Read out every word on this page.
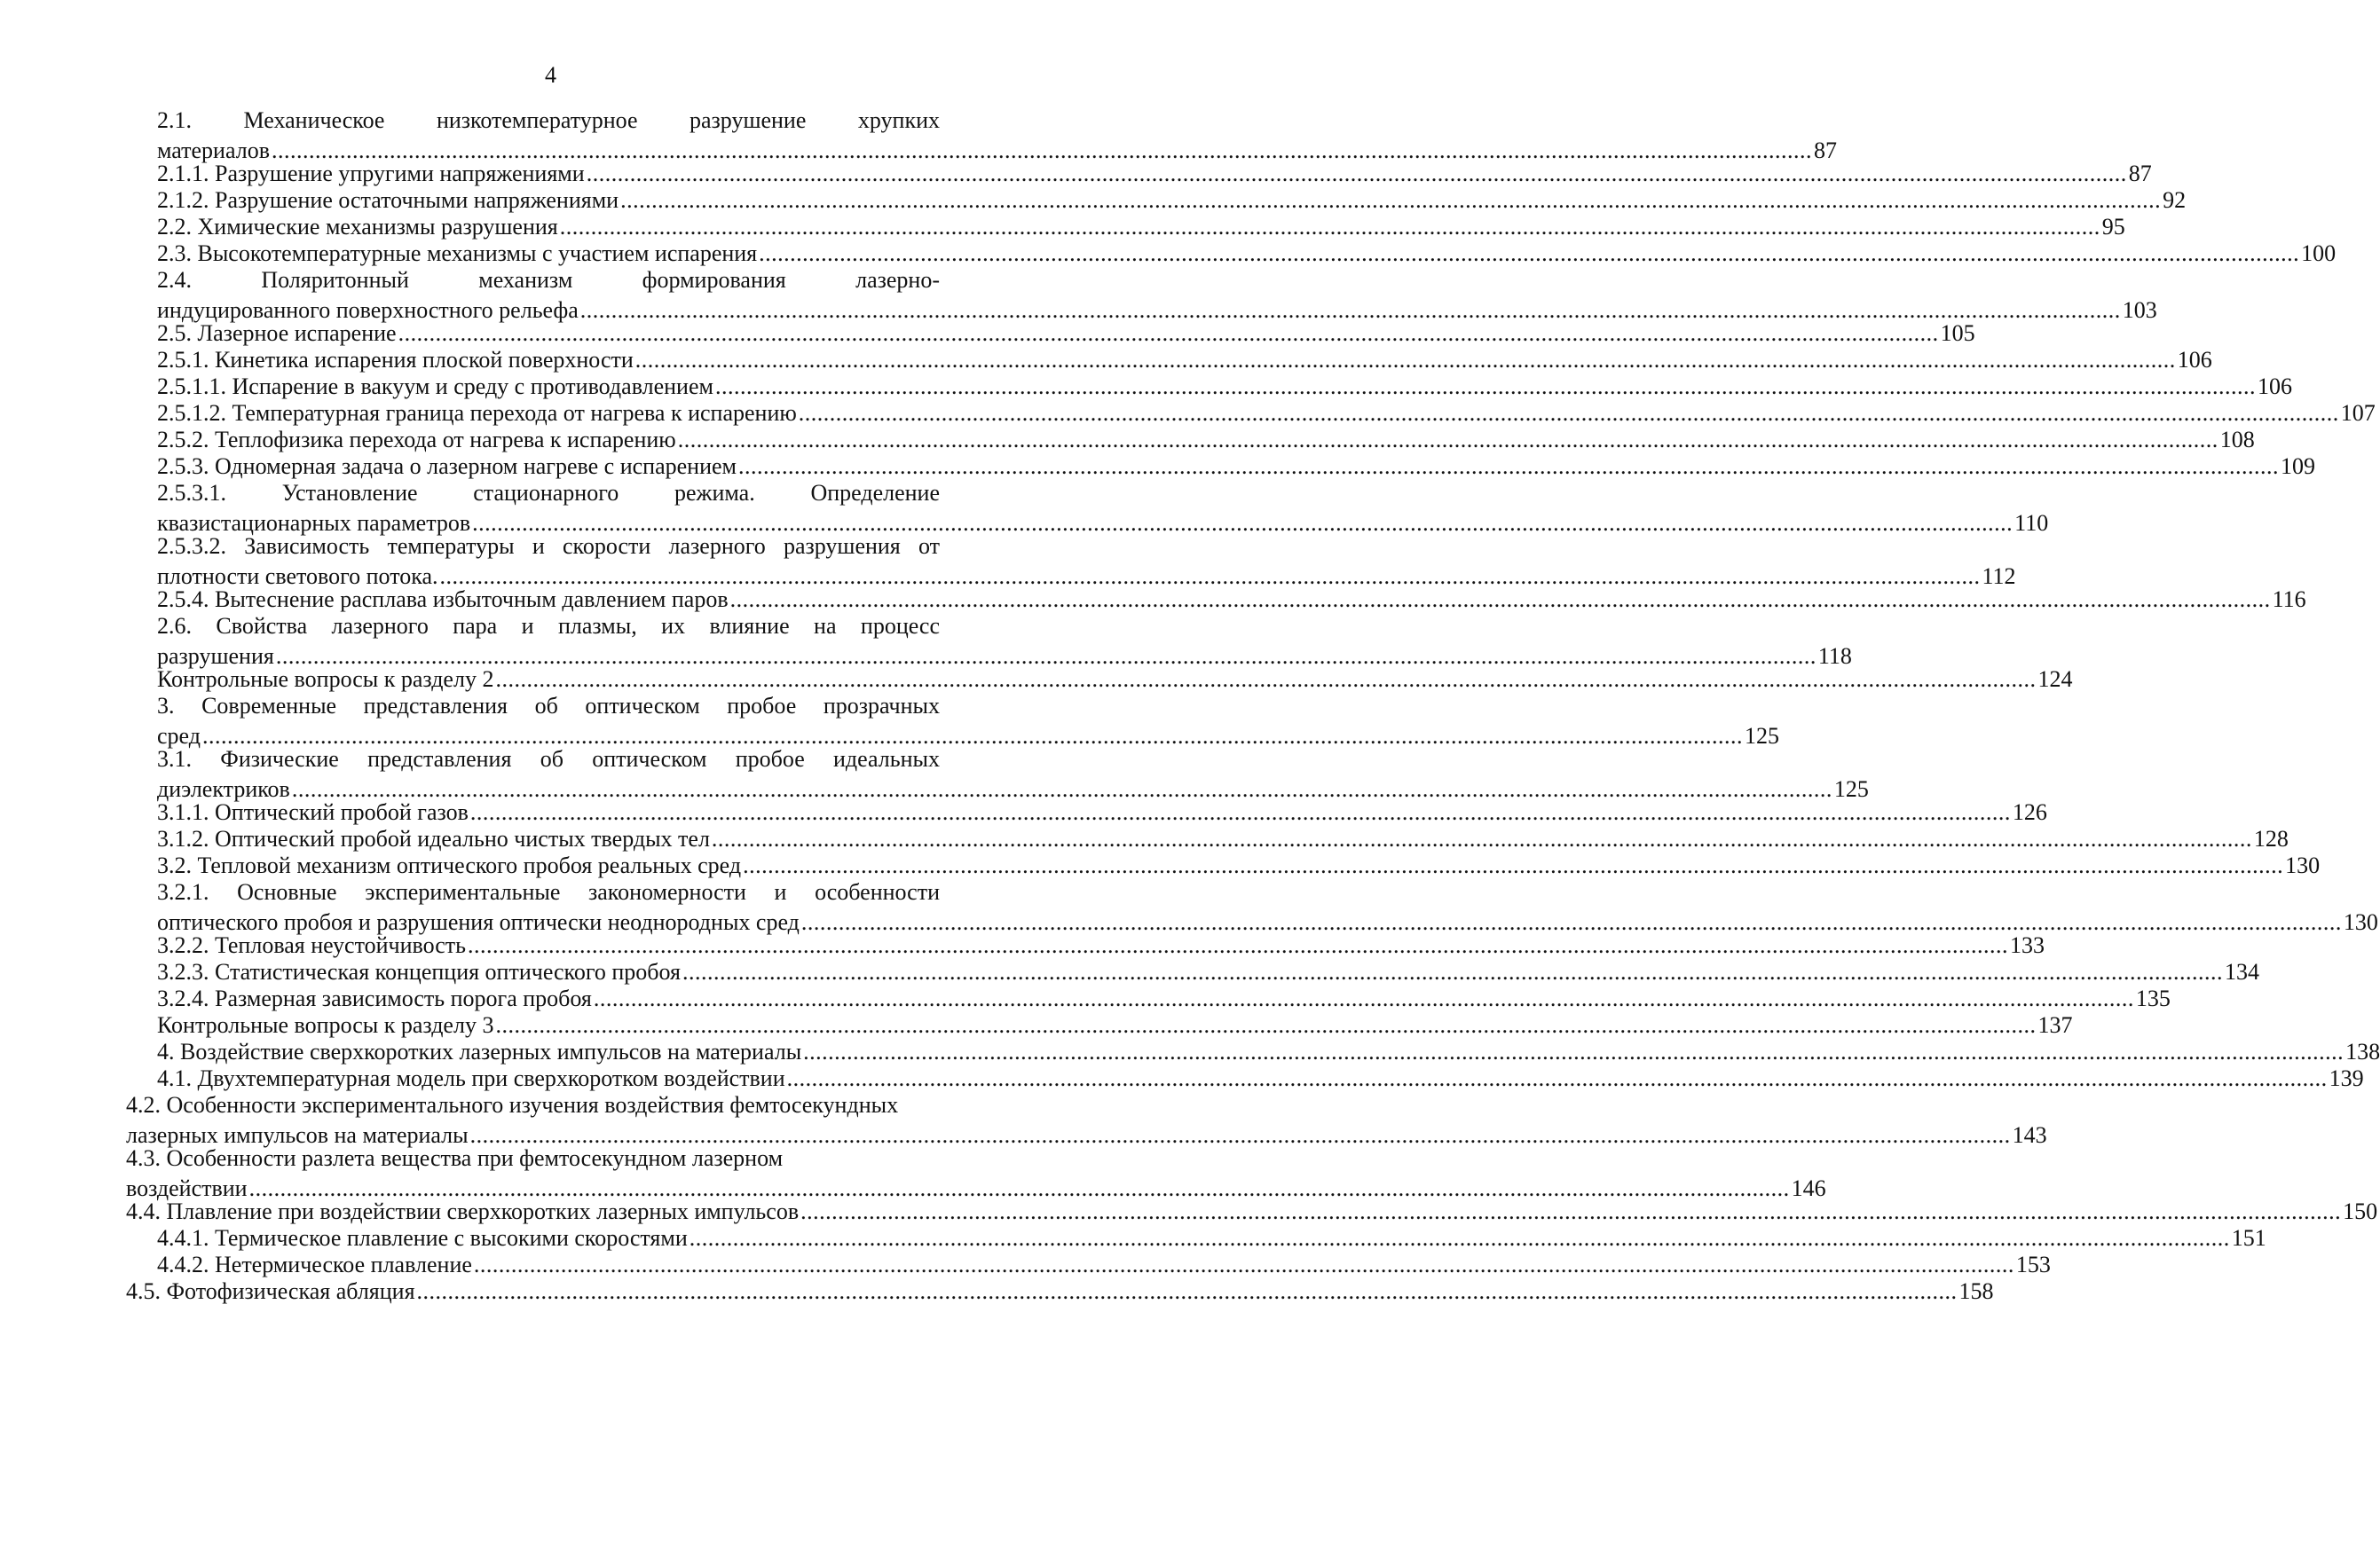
4
2.1. Механическое низкотемпературное разрушение хрупких
материалов .....	87
2.1.1. Разрушение упругими напряжениями .....	87
2.1.2. Разрушение остаточными напряжениями .....	92
2.2. Химические механизмы разрушения .....	95
2.3. Высокотемпературные механизмы с участием испарения .....	100
2.4. Поляритонный механизм формирования лазерно-
индуцированного поверхностного рельефа .....	103
2.5. Лазерное испарение .....	105
2.5.1. Кинетика испарения плоской поверхности .....	106
2.5.1.1. Испарение в вакуум и среду с противодавлением .....	106
2.5.1.2. Температурная граница перехода от нагрева к испарению .....	107
2.5.2. Теплофизика перехода от нагрева к испарению .....	108
2.5.3. Одномерная задача о лазерном нагреве с испарением .....	109
2.5.3.1. Установление стационарного режима. Определение
квазистационарных параметров .....	110
2.5.3.2. Зависимость температуры и скорости лазерного разрушения от
плотности светового потока. .....	112
2.5.4. Вытеснение расплава избыточным давлением паров .....	116
2.6. Свойства лазерного пара и плазмы, их влияние на процесс
разрушения .....	118
Контрольные вопросы к разделу 2 .....	124
3. Современные представления об оптическом пробое прозрачных
сред .....	125
3.1. Физические представления об оптическом пробое идеальных
диэлектриков .....	125
3.1.1. Оптический пробой газов .....	126
3.1.2. Оптический пробой идеально чистых твердых тел .....	128
3.2. Тепловой механизм оптического пробоя реальных сред .....	130
3.2.1. Основные экспериментальные закономерности и особенности
оптического пробоя и разрушения оптически неоднородных сред .....	130
3.2.2. Тепловая неустойчивость .....	133
3.2.3. Статистическая концепция оптического пробоя .....	134
3.2.4. Размерная зависимость порога пробоя .....	135
Контрольные вопросы к разделу 3 .....	137
4. Воздействие сверхкоротких лазерных импульсов на материалы .....	138
4.1. Двухтемпературная модель при сверхкоротком воздействии .....	139
4.2. Особенности экспериментального изучения воздействия фемтосекундных
лазерных импульсов на материалы .....	143
4.3. Особенности разлета вещества при фемтосекундном лазерном
воздействии .....	146
4.4. Плавление при воздействии сверхкоротких лазерных импульсов .....	150
4.4.1. Термическое плавление с высокими скоростями .....	151
4.4.2. Нетермическое плавление .....	153
4.5. Фотофизическая абляция .....	158
